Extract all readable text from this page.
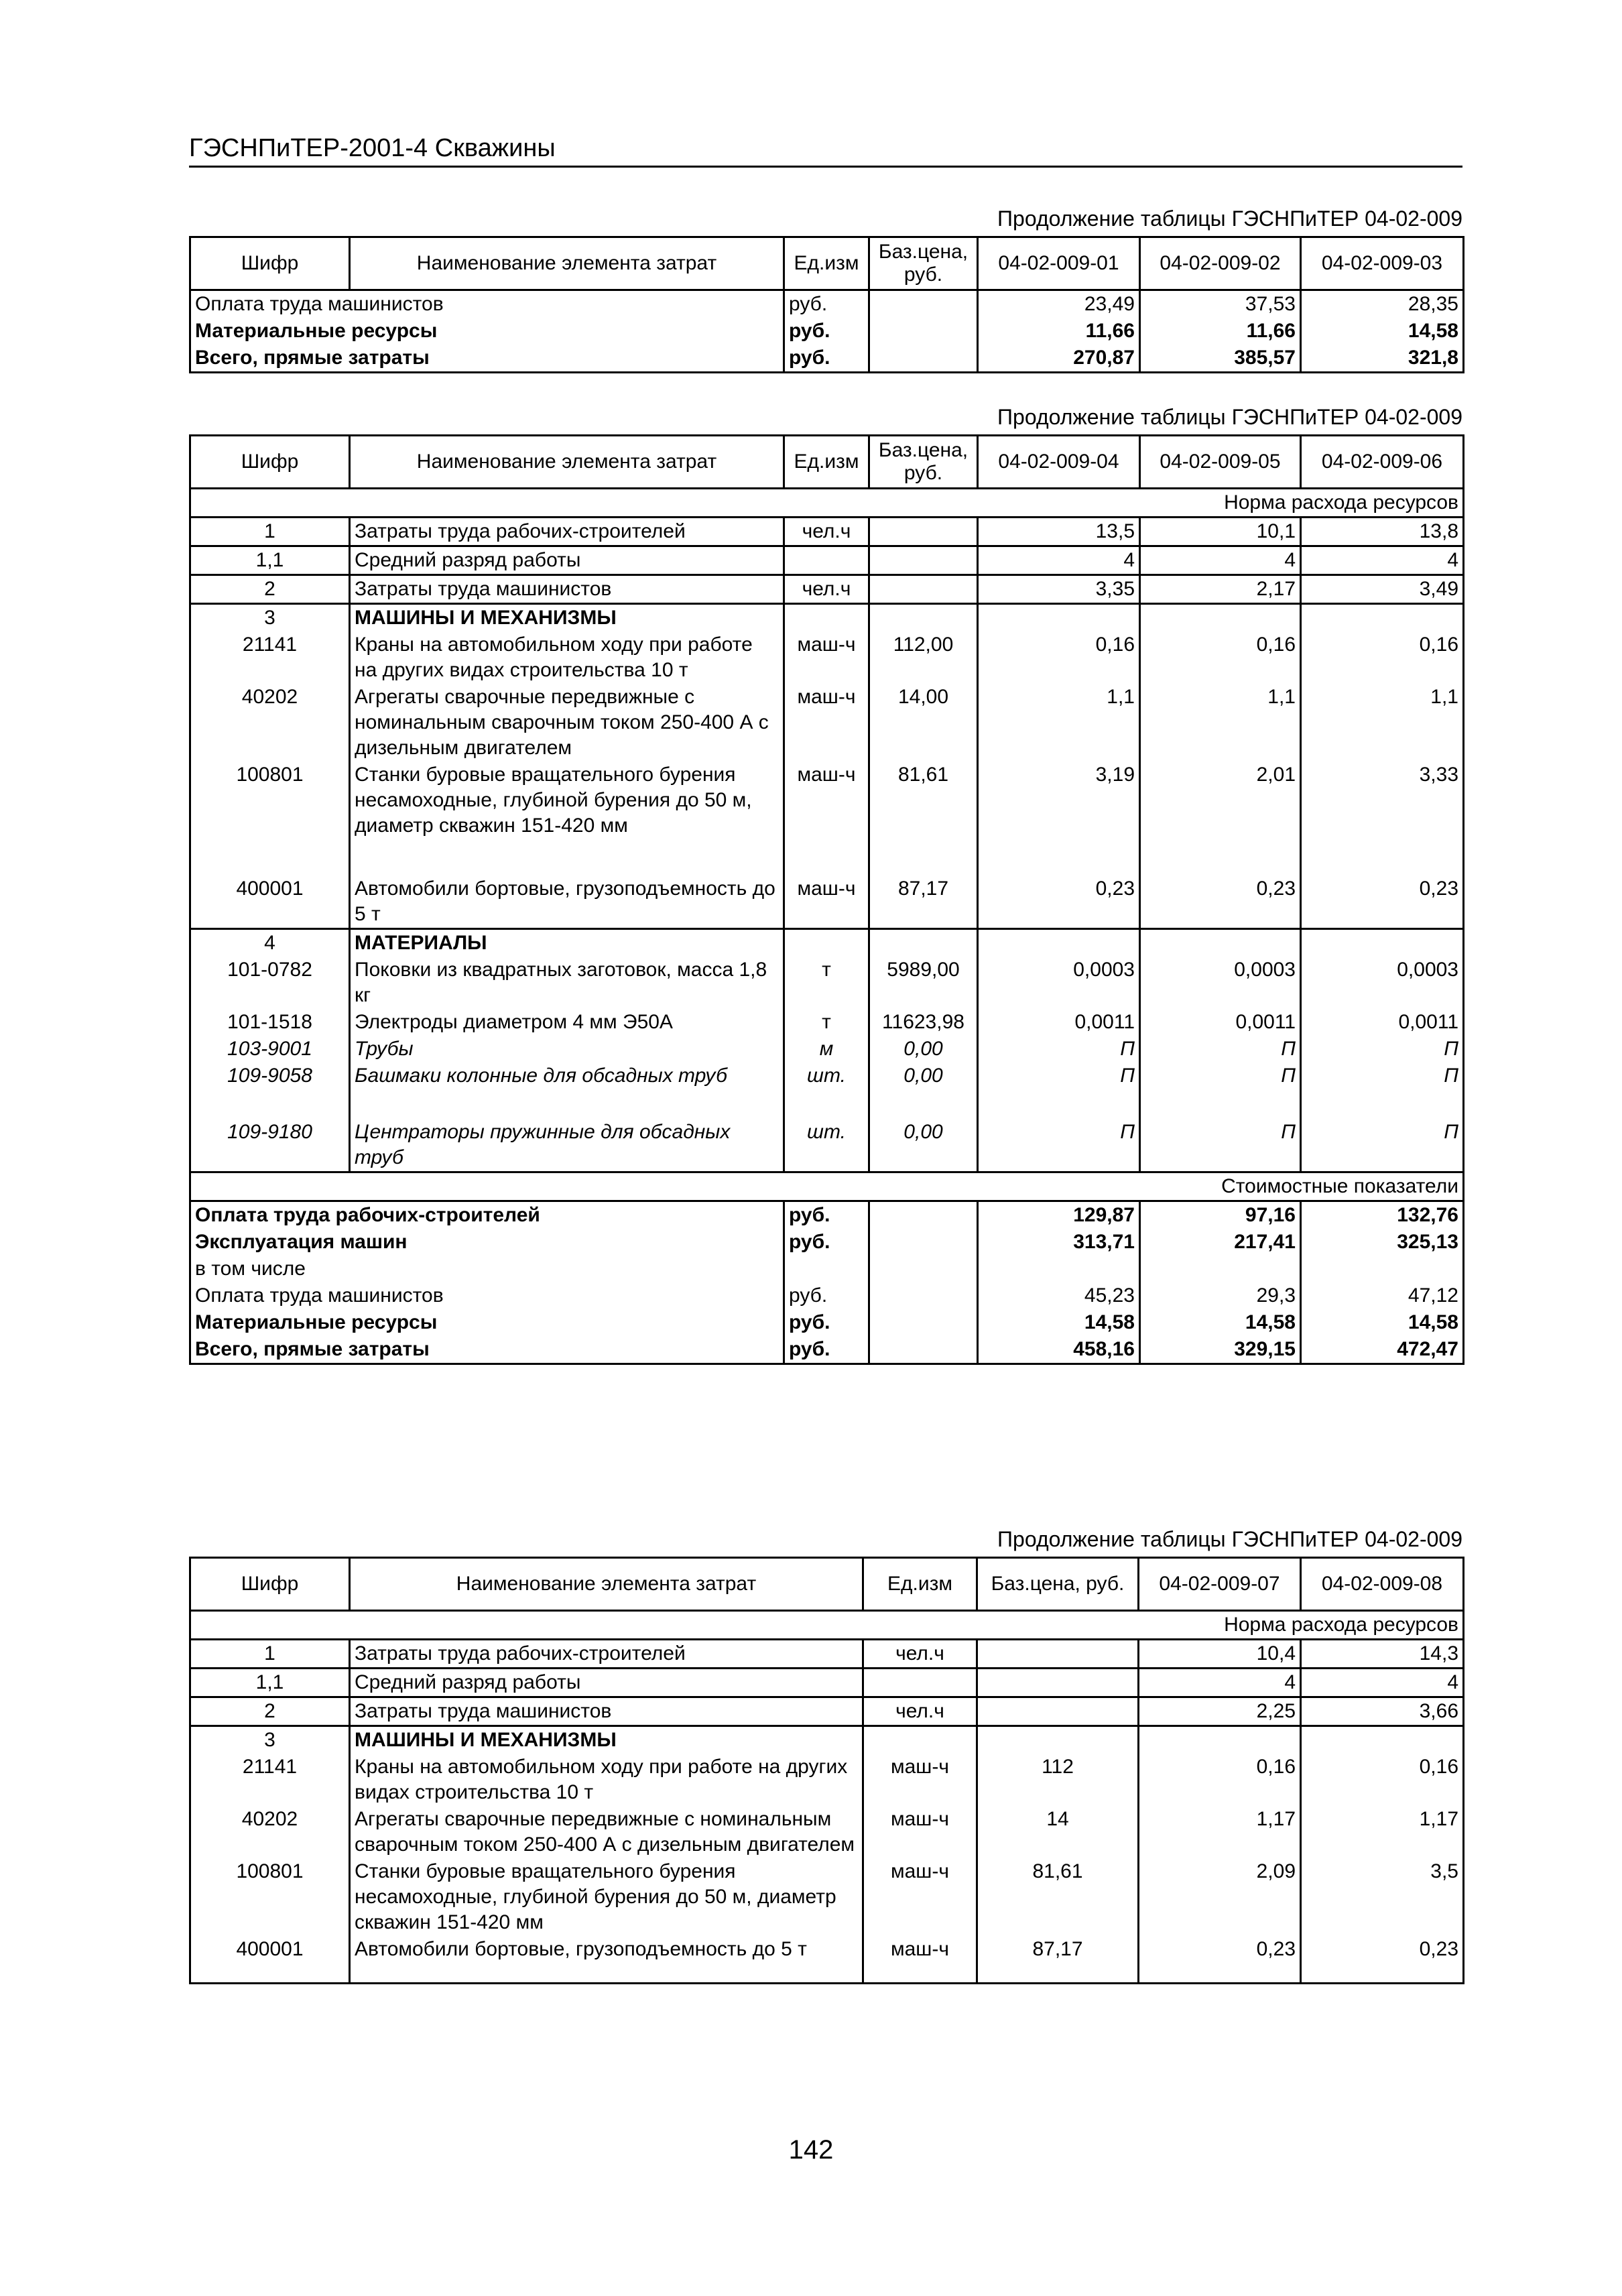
ГЭСНПиТЕР-2001-4 Скважины
Продолжение таблицы ГЭСНПиТЕР 04-02-009
Шифр	Наименование элемента затрат	Ед.изм	Баз.цена, руб.	04-02-009-01	04-02-009-02	04-02-009-03
Оплата труда машинистов		руб.		23,49	37,53	28,35
Материальные ресурсы		руб.		11,66	11,66	14,58
Всего, прямые затраты		руб.		270,87	385,57	321,8
Продолжение таблицы ГЭСНПиТЕР 04-02-009
Шифр	Наименование элемента затрат	Ед.изм	Баз.цена, руб.	04-02-009-04	04-02-009-05	04-02-009-06
Норма расхода ресурсов						
1	Затраты труда рабочих-строителей	чел.ч		13,5	10,1	13,8
1,1	Средний разряд работы			4	4	4
2	Затраты труда машинистов	чел.ч		3,35	2,17	3,49
3	МАШИНЫ И МЕХАНИЗМЫ					
21141	Краны на автомобильном ходу при работе на других видах строительства 10 т	маш-ч	112,00	0,16	0,16	0,16
40202	Агрегаты сварочные передвижные с номинальным сварочным током 250-400 А с дизельным двигателем	маш-ч	14,00	1,1	1,1	1,1
100801	Станки буровые вращательного бурения несамоходные, глубиной бурения до 50 м, диаметр скважин 151-420 мм	маш-ч	81,61	3,19	2,01	3,33
400001	Автомобили бортовые, грузоподъемность до 5 т	маш-ч	87,17	0,23	0,23	0,23
4	МАТЕРИАЛЫ					
101-0782	Поковки из квадратных заготовок, масса 1,8 кг	т	5989,00	0,0003	0,0003	0,0003
101-1518	Электроды диаметром 4 мм Э50А	т	11623,98	0,0011	0,0011	0,0011
103-9001	Трубы	м	0,00	П	П	П
109-9058	Башмаки колонные для обсадных труб	шт.	0,00	П	П	П
109-9180	Центраторы пружинные для обсадных труб	шт.	0,00	П	П	П
Стоимостные показатели						
Оплата труда рабочих-строителей		руб.		129,87	97,16	132,76
Эксплуатация машин		руб.		313,71	217,41	325,13
в том числе						
Оплата труда машинистов		руб.		45,23	29,3	47,12
Материальные ресурсы		руб.		14,58	14,58	14,58
Всего, прямые затраты		руб.		458,16	329,15	472,47
Продолжение таблицы ГЭСНПиТЕР 04-02-009
Шифр	Наименование элемента затрат	Ед.изм	Баз.цена, руб.	04-02-009-07	04-02-009-08
Норма расхода ресурсов					
1	Затраты труда рабочих-строителей	чел.ч		10,4	14,3
1,1	Средний разряд работы			4	4
2	Затраты труда машинистов	чел.ч		2,25	3,66
3	МАШИНЫ И МЕХАНИЗМЫ				
21141	Краны на автомобильном ходу при работе на других видах строительства 10 т	маш-ч	112	0,16	0,16
40202	Агрегаты сварочные передвижные с номинальным сварочным током 250-400 А с дизельным двигателем	маш-ч	14	1,17	1,17
100801	Станки буровые вращательного бурения несамоходные, глубиной бурения до 50 м, диаметр скважин 151-420 мм	маш-ч	81,61	2,09	3,5
400001	Автомобили бортовые, грузоподъемность до 5 т	маш-ч	87,17	0,23	0,23
142
